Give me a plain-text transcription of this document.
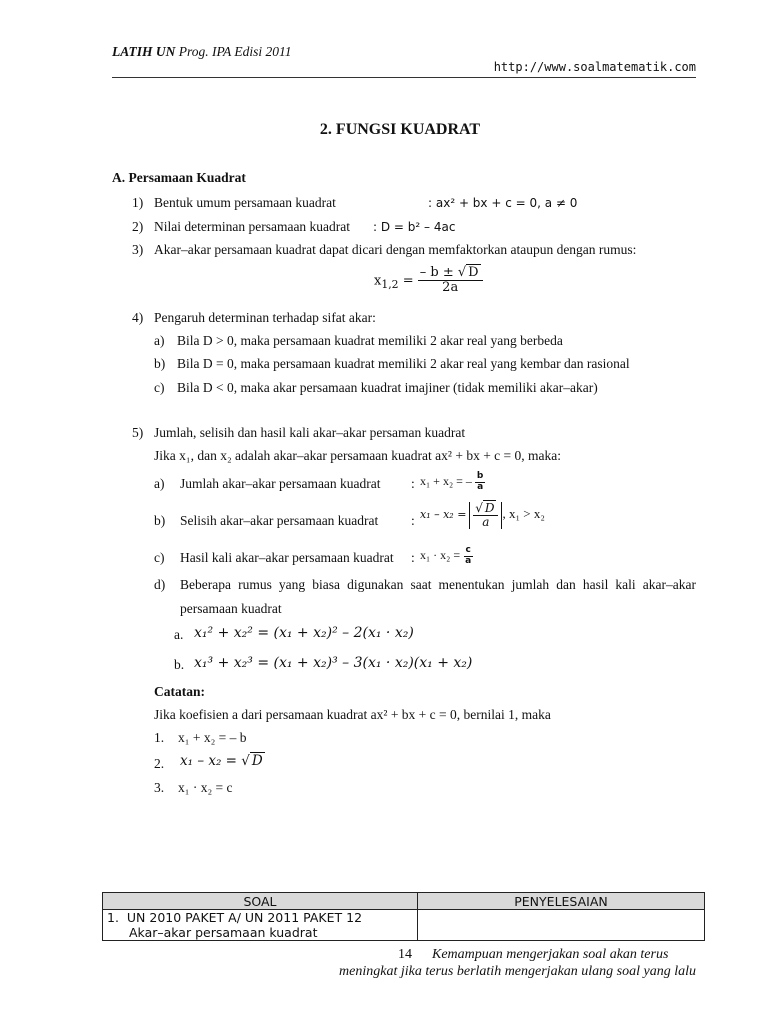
LATIH UN Prog. IPA Edisi 2011
http://www.soalmatematik.com
2. FUNGSI KUADRAT
A. Persamaan Kuadrat
1) Bentuk umum persamaan kuadrat	: ax² + bx + c = 0, a ≠ 0
2) Nilai determinan persamaan kuadrat : D = b² – 4ac
3) Akar–akar persamaan kuadrat dapat dicari dengan memfaktorkan ataupun dengan rumus:
$x_{1,2} = \frac{- b \pm √ D}{2a}$
4) Pengaruh determinan terhadap sifat akar:
a) Bila D > 0, maka persamaan kuadrat memiliki 2 akar real yang berbeda
b) Bila D = 0, maka persamaan kuadrat memiliki 2 akar real yang kembar dan rasional
c) Bila D < 0, maka akar persamaan kuadrat imajiner (tidak memiliki akar–akar)
5) Jumlah, selisih dan hasil kali akar–akar persaman kuadrat
Jika x₁, dan x₂ adalah akar–akar persamaan kuadrat ax² + bx + c = 0, maka:
a) Jumlah akar–akar persamaan kuadrat : x₁ + x₂ = – $\frac{b}{a}$
b) Selisih akar–akar persamaan kuadrat : $x_1 - x_2 = \frac{√ D}{a}$ , x₁ > x₂
c) Hasil kali akar–akar persamaan kuadrat : $x_1 \cdot x_2 = \frac{c}{a}$
d) Beberapa rumus yang biasa digunakan saat menentukan jumlah dan hasil kali akar–akar
persamaan kuadrat
a. x₁² + x₂² = (x₁ + x₂)² – 2(x₁ · x₂)
b. x₁³ + x₂³ = (x₁ + x₂)³ – 3(x₁ · x₂)(x₁ + x₂)
Catatan:
Jika koefisien a dari persamaan kuadrat ax² + bx + c = 0, bernilai 1, maka
1. x₁ + x₂ = – b
2. x₁ – x₂ = √ D
3. x₁ · x₂ = c
SOAL	PENYELESAIAN
1. UN 2010 PAKET A/ UN 2011 PAKET 12
Akar–akar persamaan kuadrat	
14 Kemampuan mengerjakan soal akan terus
meningkat jika terus berlatih mengerjakan ulang soal yang lalu
